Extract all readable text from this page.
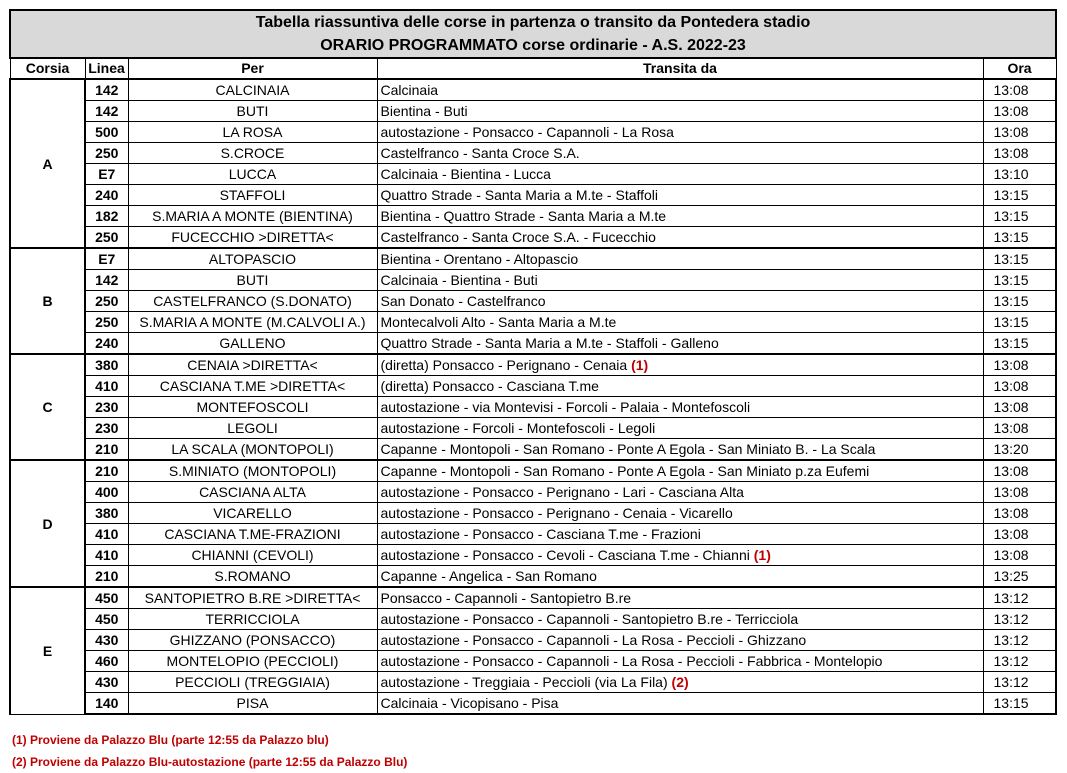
Tabella riassuntiva delle corse in partenza o transito da Pontedera stadio
ORARIO PROGRAMMATO corse ordinarie - A.S. 2022-23				

Corsia	Linea	Per	Transita da	Ora
A	142	CALCINAIA	Calcinaia	13:08
	142	BUTI	Bientina - Buti	13:08
	500	LA ROSA	autostazione - Ponsacco - Capannoli - La Rosa	13:08
	250	S.CROCE	Castelfranco - Santa Croce S.A.	13:08
	E7	LUCCA	Calcinaia - Bientina - Lucca	13:10
	240	STAFFOLI	Quattro Strade - Santa Maria a M.te - Staffoli	13:15
	182	S.MARIA A MONTE (BIENTINA)	Bientina - Quattro Strade - Santa Maria a M.te	13:15
	250	FUCECCHIO >DIRETTA<	Castelfranco - Santa Croce S.A. - Fucecchio	13:15
B	E7	ALTOPASCIO	Bientina - Orentano - Altopascio	13:15
	142	BUTI	Calcinaia - Bientina - Buti	13:15
	250	CASTELFRANCO (S.DONATO)	San Donato - Castelfranco	13:15
	250	S.MARIA A MONTE (M.CALVOLI A.)	Montecalvoli Alto - Santa Maria a M.te	13:15
	240	GALLENO	Quattro Strade - Santa Maria a M.te - Staffoli - Galleno	13:15
C	380	CENAIA >DIRETTA<	(diretta) Ponsacco - Perignano - Cenaia (1)	13:08
	410	CASCIANA T.ME >DIRETTA<	(diretta) Ponsacco - Casciana T.me	13:08
	230	MONTEFOSCOLI	autostazione - via Montevisi - Forcoli - Palaia - Montefoscoli	13:08
	230	LEGOLI	autostazione - Forcoli - Montefoscoli - Legoli	13:08
	210	LA SCALA (MONTOPOLI)	Capanne - Montopoli - San Romano - Ponte A Egola - San Miniato B. - La Scala	13:20
D	210	S.MINIATO (MONTOPOLI)	Capanne - Montopoli - San Romano - Ponte A Egola - San Miniato p.za Eufemi	13:08
	400	CASCIANA ALTA	autostazione - Ponsacco - Perignano - Lari - Casciana Alta	13:08
	380	VICARELLO	autostazione - Ponsacco - Perignano - Cenaia - Vicarello	13:08
	410	CASCIANA T.ME-FRAZIONI	autostazione - Ponsacco - Casciana T.me - Frazioni	13:08
	410	CHIANNI (CEVOLI)	autostazione - Ponsacco - Cevoli - Casciana T.me - Chianni (1)	13:08
	210	S.ROMANO	Capanne - Angelica - San Romano	13:25
E	450	SANTOPIETRO B.RE >DIRETTA<	Ponsacco - Capannoli - Santopietro B.re	13:12
	450	TERRICCIOLA	autostazione - Ponsacco - Capannoli - Santopietro B.re - Terricciola	13:12
	430	GHIZZANO (PONSACCO)	autostazione - Ponsacco - Capannoli - La Rosa - Peccioli - Ghizzano	13:12
	460	MONTELOPIO (PECCIOLI)	autostazione - Ponsacco - Capannoli - La Rosa - Peccioli - Fabbrica - Montelopio	13:12
	430	PECCIOLI (TREGGIAIA)	autostazione - Treggiaia - Peccioli (via La Fila) (2)	13:12
	140	PISA	Calcinaia - Vicopisano - Pisa	13:15
(1) Proviene da Palazzo Blu (parte 12:55 da Palazzo blu)
(2) Proviene da Palazzo Blu-autostazione (parte 12:55 da Palazzo Blu)
